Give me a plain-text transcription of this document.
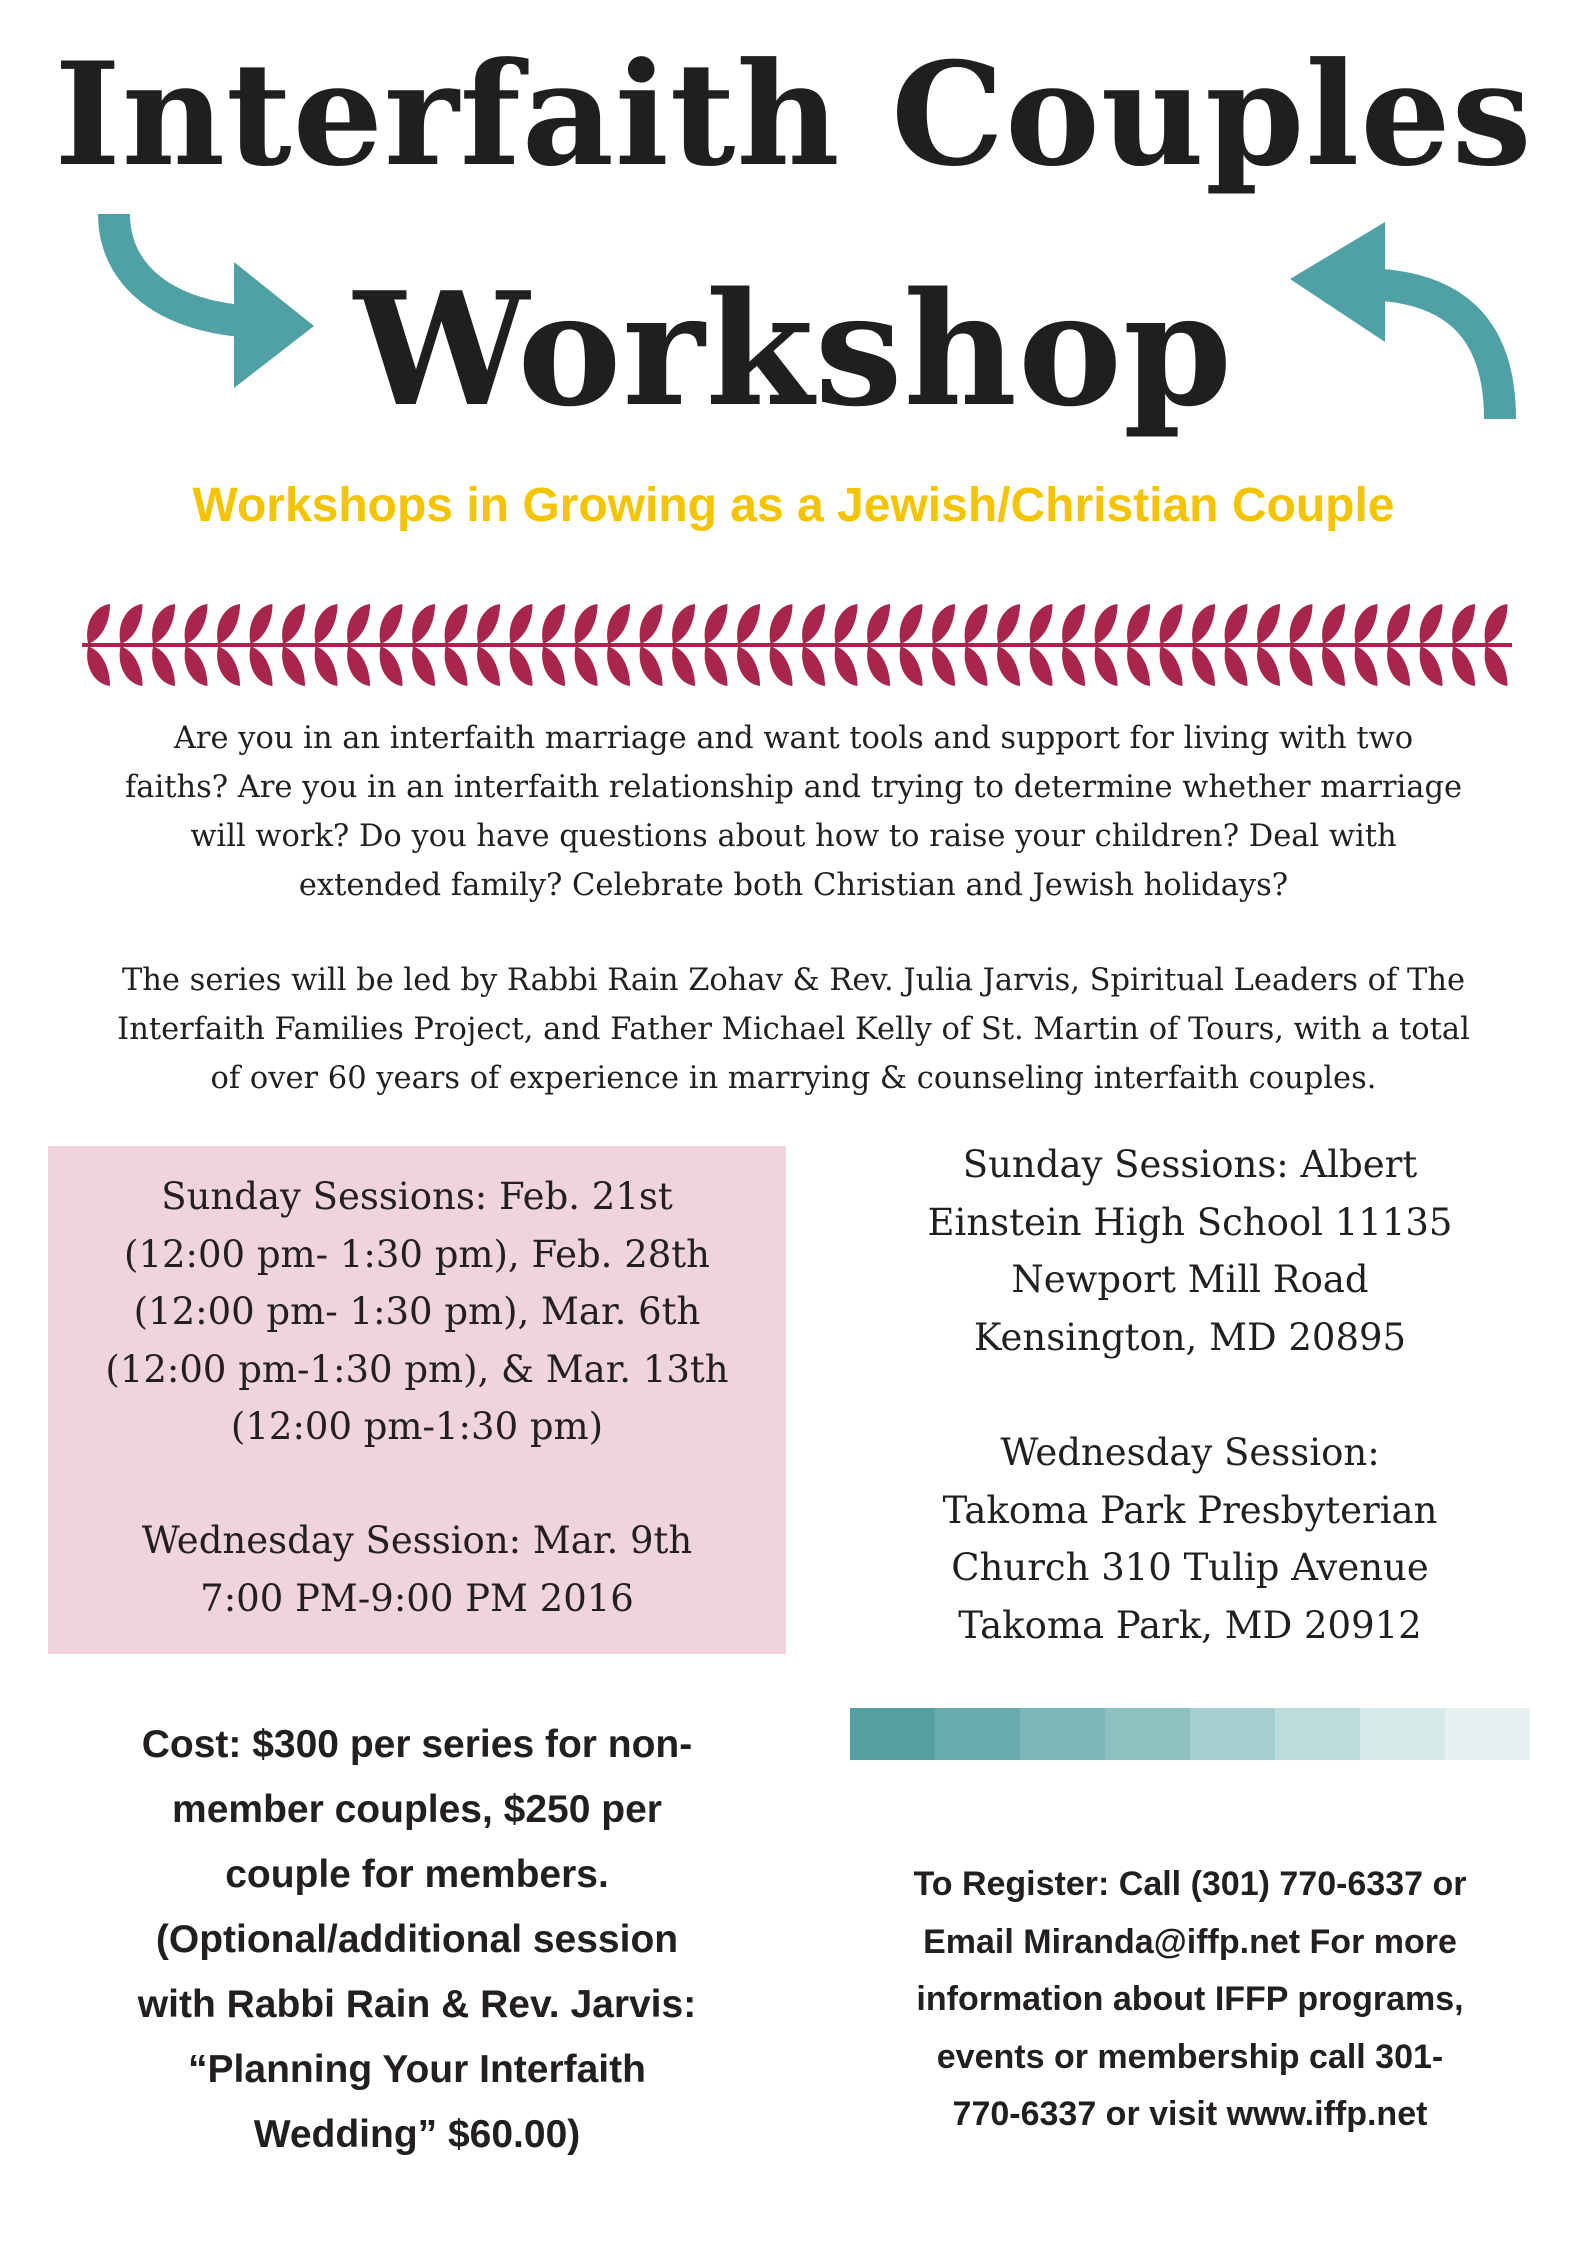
Interfaith Couples
Workshop
Workshops in Growing as a Jewish/Christian Couple
Are you in an interfaith marriage and want tools and support for living with two
faiths? Are you in an interfaith relationship and trying to determine whether marriage
will work? Do you have questions about how to raise your children? Deal with
extended family? Celebrate both Christian and Jewish holidays?
The series will be led by Rabbi Rain Zohav & Rev. Julia Jarvis, Spiritual Leaders of The
Interfaith Families Project, and Father Michael Kelly of St. Martin of Tours, with a total
of over 60 years of experience in marrying & counseling interfaith couples.
Sunday Sessions: Feb. 21st
(12:00 pm- 1:30 pm), Feb. 28th
(12:00 pm- 1:30 pm), Mar. 6th
(12:00 pm-1:30 pm), & Mar. 13th
(12:00 pm-1:30 pm)
Wednesday Session: Mar. 9th
7:00 PM-9:00 PM 2016
Sunday Sessions: Albert
Einstein High School 11135
Newport Mill Road
Kensington, MD 20895
Wednesday Session:
Takoma Park Presbyterian
Church 310 Tulip Avenue
Takoma Park, MD 20912
Cost: $300 per series for non-
member couples, $250 per
couple for members.
(Optional/additional session
with Rabbi Rain & Rev. Jarvis:
“Planning Your Interfaith
Wedding” $60.00)
To Register: Call (301) 770-6337 or
Email Miranda@iffp.net For more
information about IFFP programs,
events or membership call 301-
770-6337 or visit www.iffp.net
